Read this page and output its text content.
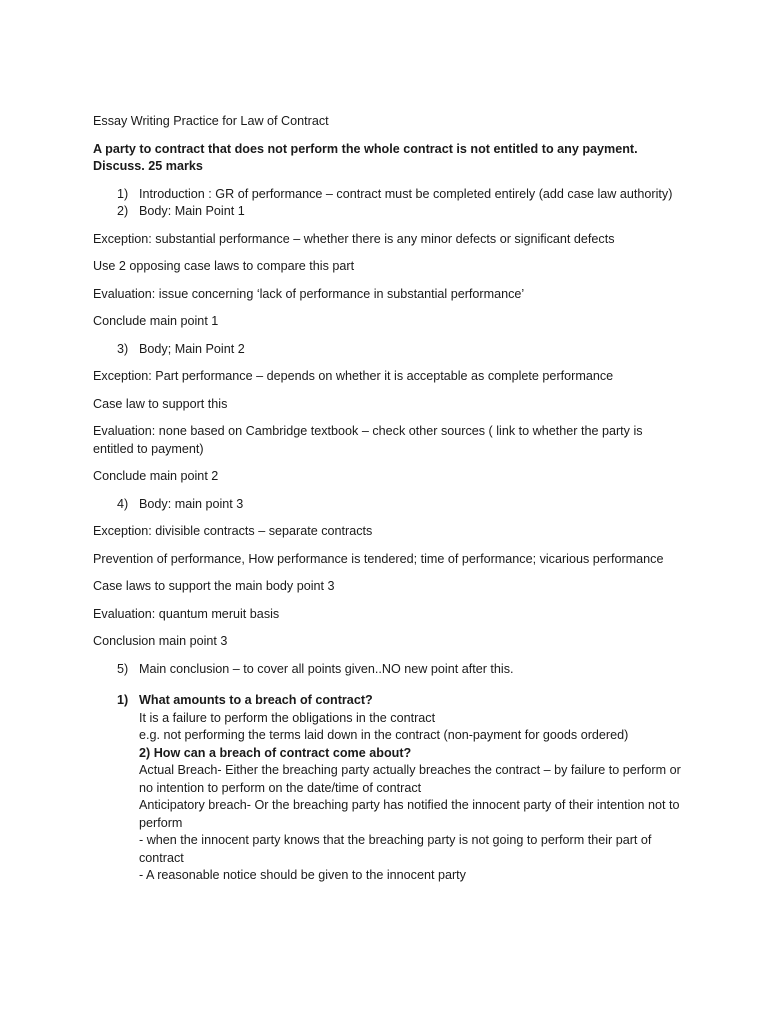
Essay Writing Practice for Law of Contract

A party to contract that does not perform the whole contract is not entitled to any payment. Discuss. 25 marks

1) Introduction : GR of performance – contract must be completed entirely (add case law authority)
2) Body: Main Point 1

Exception: substantial performance – whether there is any minor defects or significant defects

Use 2 opposing case laws to compare this part

Evaluation: issue concerning ‘lack of performance in substantial performance’

Conclude main point 1

3) Body; Main Point 2

Exception: Part performance – depends on whether it is acceptable as complete performance

Case law to support this

Evaluation: none based on Cambridge textbook – check other sources ( link to whether the party is entitled to payment)

Conclude main point 2

4) Body: main point 3

Exception: divisible contracts – separate contracts

Prevention of performance, How performance is tendered; time of performance; vicarious performance

Case laws to support the main body point 3

Evaluation: quantum meruit basis

Conclusion main point 3

5) Main conclusion – to cover all points given..NO new point after this.
1) What amounts to a breach of contract?
It is a failure to perform the obligations in the contract
e.g. not performing the terms laid down in the contract (non-payment for goods ordered)
2) How can a breach of contract come about?
Actual Breach- Either the breaching party actually breaches the contract – by failure to perform or no intention to perform on the date/time of contract
Anticipatory breach- Or the breaching party has notified the innocent party of their intention not to perform
- when the innocent party knows that the breaching party is not going to perform their part of contract
- A reasonable notice should be given to the innocent party
